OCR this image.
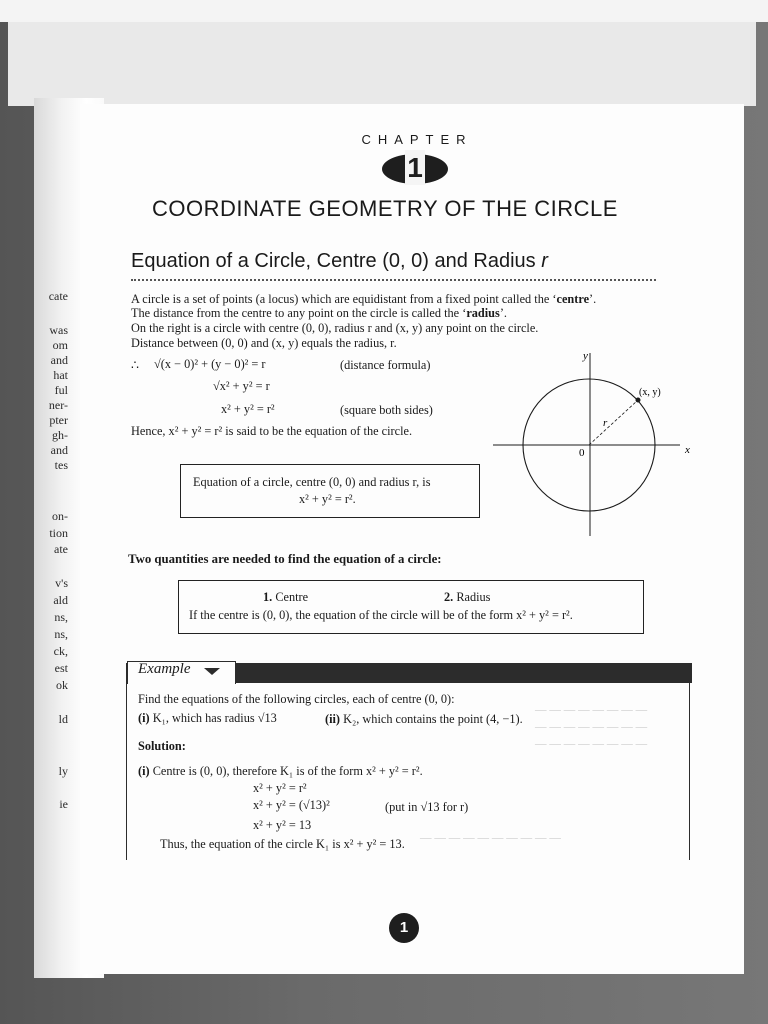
cate
was
om
and
hat
ful
ner-
pter
gh-
and
tes
on-
tion
ate
v's
ald
ns,
ns,
ck,
est
ok
ld
ly
ie
CHAPTER
1
COORDINATE GEOMETRY OF THE CIRCLE
Equation of a Circle, Centre (0, 0) and Radius r
A circle is a set of points (a locus) which are equidistant from a fixed point called the ‘centre’.
The distance from the centre to any point on the circle is called the ‘radius’.
On the right is a circle with centre (0, 0), radius r and (x, y) any point on the circle.
Distance between (0, 0) and (x, y) equals the radius, r.
∴ √(x − 0)² + (y − 0)² = r	(distance formula)
√x² + y² = r
x² + y² = r²	(square both sides)
Hence, x² + y² = r² is said to be the equation of the circle.
y
x
0
(x, y)
r
Equation of a circle, centre (0, 0) and radius r, is
x² + y² = r².
Two quantities are needed to find the equation of a circle:
1. Centre	2. Radius
If the centre is (0, 0), the equation of the circle will be of the form x² + y² = r².
Example
Find the equations of the following circles, each of centre (0, 0):
(i) K₁, which has radius √13	(ii) K₂, which contains the point (4, −1).
Solution:
(i) Centre is (0, 0), therefore K₁ is of the form x² + y² = r².
x² + y² = r²
x² + y² = (√13)²	(put in √13 for r)
x² + y² = 13
Thus, the equation of the circle K₁ is x² + y² = 13.
— — — — — — — —
— — — — — — — —
— — — — — — — —
— — — — — — — — — —
1
